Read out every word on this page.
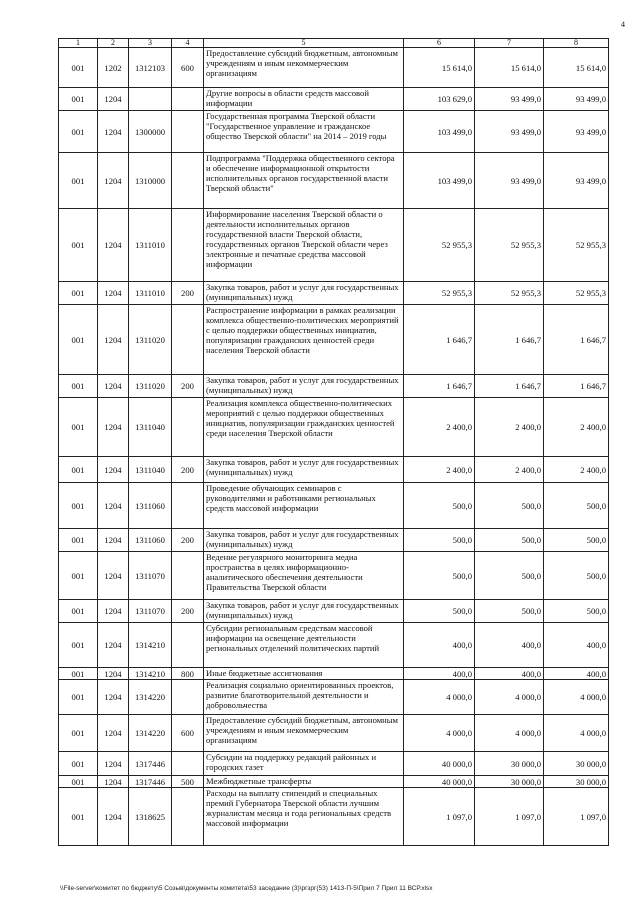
4
1	2	3	4	5	6	7	8
001	1202	1312103	600	Предоставление субсидий бюджетным, автономным учреждениям и иным некоммерческим организациям	15 614,0	15 614,0	15 614,0
001	1204			Другие вопросы в области средств массовой информации	103 629,0	93 499,0	93 499,0
001	1204	1300000		Государственная программа Тверской области "Государственное управление и гражданское общество Тверской области" на 2014 – 2019 годы	103 499,0	93 499,0	93 499,0
001	1204	1310000		Подпрограмма "Поддержка общественного сектора и обеспечение информационной открытости исполнительных органов государственной власти Тверской области"	103 499,0	93 499,0	93 499,0
001	1204	1311010		Информирование населения Тверской области о деятельности исполнительных органов государственной власти Тверской области, государственных органов Тверской области через электронные и печатные средства массовой информации	52 955,3	52 955,3	52 955,3
001	1204	1311010	200	Закупка товаров, работ и услуг для государственных (муниципальных) нужд	52 955,3	52 955,3	52 955,3
001	1204	1311020		Распространение информации в рамках реализации комплекса общественно-политических мероприятий с целью поддержки общественных инициатив, популяризации гражданских ценностей среди населения Тверской области	1 646,7	1 646,7	1 646,7
001	1204	1311020	200	Закупка товаров, работ и услуг для государственных (муниципальных) нужд	1 646,7	1 646,7	1 646,7
001	1204	1311040		Реализация комплекса общественно-политических мероприятий с целью поддержки общественных инициатив, популяризации гражданских ценностей среди населения Тверской области	2 400,0	2 400,0	2 400,0
001	1204	1311040	200	Закупка товаров, работ и услуг для государственных (муниципальных) нужд	2 400,0	2 400,0	2 400,0
001	1204	1311060		Проведение обучающих семинаров с руководителями и работниками региональных средств массовой информации	500,0	500,0	500,0
001	1204	1311060	200	Закупка товаров, работ и услуг для государственных (муниципальных) нужд	500,0	500,0	500,0
001	1204	1311070		Ведение регулярного мониторинга медиа пространства в целях информационно-аналитического обеспечения деятельности Правительства Тверской области	500,0	500,0	500,0
001	1204	1311070	200	Закупка товаров, работ и услуг для государственных (муниципальных) нужд	500,0	500,0	500,0
001	1204	1314210		Субсидии региональным средствам массовой информации на освещение деятельности региональных отделений политических партий	400,0	400,0	400,0
001	1204	1314210	800	Иные бюджетные ассигнования	400,0	400,0	400,0
001	1204	1314220		Реализация социально ориентированных проектов, развитие благотворительной деятельности и добровольчества	4 000,0	4 000,0	4 000,0
001	1204	1314220	600	Предоставление субсидий бюджетным, автономным учреждениям и иным некоммерческим организациям	4 000,0	4 000,0	4 000,0
001	1204	1317446		Субсидии на поддержку редакций районных и городских газет	40 000,0	30 000,0	30 000,0
001	1204	1317446	500	Межбюджетные трансферты	40 000,0	30 000,0	30 000,0
001	1204	1318625		Расходы на выплату стипендий и специальных премий Губернатора Тверской области лучшим журналистам месяца и года региональных средств массовой информации	1 097,0	1 097,0	1 097,0
\\File-server\комитет по бюджету\5 Созыв\документы комитета\53 заседание (3)\ргзрг(53) 1413-П-5\Прил 7 Прил 11 ВСР.xlsx
